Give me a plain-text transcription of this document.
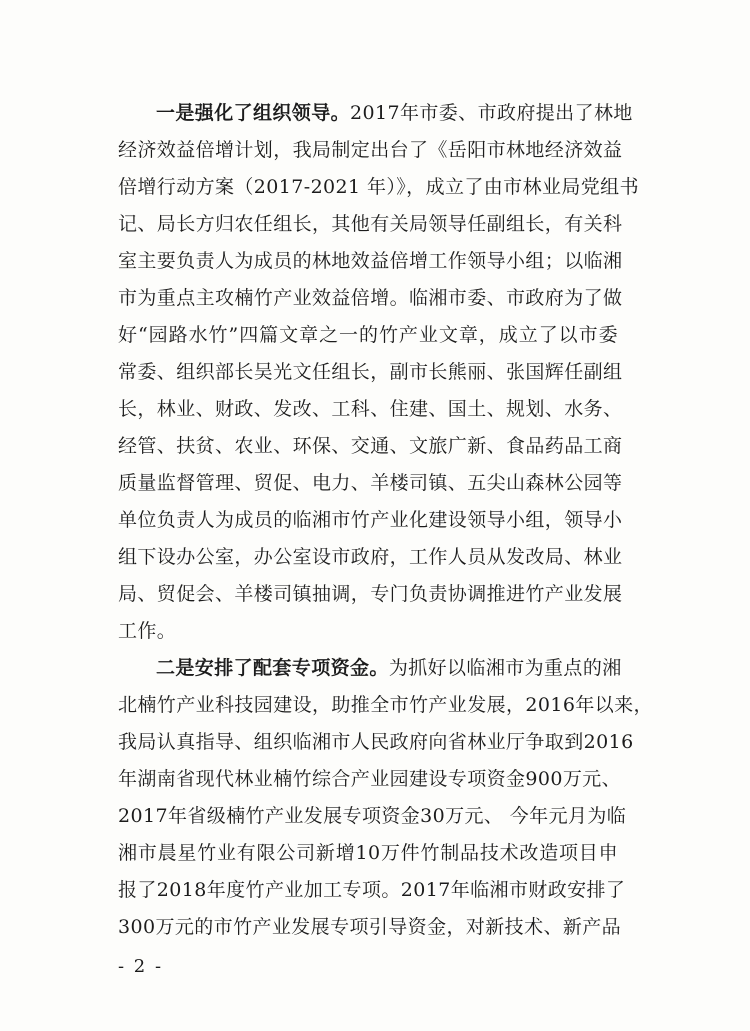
一是强化了组织领导。2017年市委、市政府提出了林地
经济效益倍增计划，我局制定出台了《岳阳市林地经济效益
倍增行动方案（2017-2021 年）》，成立了由市林业局党组书
记、局长方归农任组长，其他有关局领导任副组长，有关科
室主要负责人为成员的林地效益倍增工作领导小组；以临湘
市为重点主攻楠竹产业效益倍增。临湘市委、市政府为了做
好“园路水竹”四篇文章之一的竹产业文章，成立了以市委
常委、组织部长吴光文任组长，副市长熊丽、张国辉任副组
长，林业、财政、发改、工科、住建、国土、规划、水务、
经管、扶贫、农业、环保、交通、文旅广新、食品药品工商
质量监督管理、贸促、电力、羊楼司镇、五尖山森林公园等
单位负责人为成员的临湘市竹产业化建设领导小组，领导小
组下设办公室，办公室设市政府，工作人员从发改局、林业
局、贸促会、羊楼司镇抽调，专门负责协调推进竹产业发展
工作。
二是安排了配套专项资金。为抓好以临湘市为重点的湘
北楠竹产业科技园建设，助推全市竹产业发展，2016年以来，
我局认真指导、组织临湘市人民政府向省林业厅争取到2016
年湖南省现代林业楠竹综合产业园建设专项资金900万元、
2017年省级楠竹产业发展专项资金30万元、 今年元月为临
湘市晨星竹业有限公司新增10万件竹制品技术改造项目申
报了2018年度竹产业加工专项。2017年临湘市财政安排了
300万元的市竹产业发展专项引导资金，对新技术、新产品
- 2 -
